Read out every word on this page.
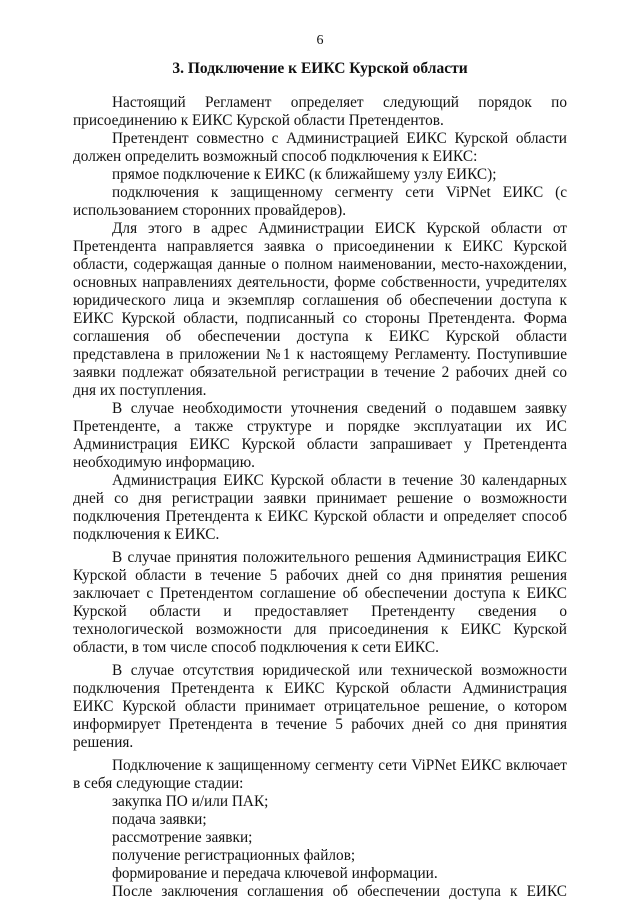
6
3. Подключение к ЕИКС Курской области

Настоящий Регламент определяет следующий порядок по присоединению к ЕИКС Курской области Претендентов.

Претендент совместно с Администрацией ЕИКС Курской области должен определить возможный способ подключения к ЕИКС:

прямое подключение к ЕИКС (к ближайшему узлу ЕИКС);

подключения к защищенному сегменту сети ViPNet ЕИКС (с использованием сторонних провайдеров).

Для этого в адрес Администрации ЕИСК Курской области от Претендента направляется заявка о присоединении к ЕИКС Курской области, содержащая данные о полном наименовании, место-нахождении, основных направлениях деятельности, форме собственности, учредителях юридического лица и экземпляр соглашения об обеспечении доступа к ЕИКС Курской области, подписанный со стороны Претендента. Форма соглашения об обеспечении доступа к ЕИКС Курской области представлена в приложении №1 к настоящему Регламенту. Поступившие заявки подлежат обязательной регистрации в течение 2 рабочих дней со дня их поступления.

В случае необходимости уточнения сведений о подавшем заявку Претенденте, а также структуре и порядке эксплуатации их ИС Администрация ЕИКС Курской области запрашивает у Претендента необходимую информацию.

Администрация ЕИКС Курской области в течение 30 календарных дней со дня регистрации заявки принимает решение о возможности подключения Претендента к ЕИКС Курской области и определяет способ подключения к ЕИКС.

В случае принятия положительного решения Администрация ЕИКС Курской области в течение 5 рабочих дней со дня принятия решения заключает с Претендентом соглашение об обеспечении доступа к ЕИКС Курской области и предоставляет Претенденту сведения о технологической возможности для присоединения к ЕИКС Курской области, в том числе способ подключения к сети ЕИКС.

В случае отсутствия юридической или технической возможности подключения Претендента к ЕИКС Курской области Администрация ЕИКС Курской области принимает отрицательное решение, о котором информирует Претендента в течение 5 рабочих дней со дня принятия решения.

Подключение к защищенному сегменту сети ViPNet ЕИКС включает в себя следующие стадии:

закупка ПО и/или ПАК;

подача заявки;

рассмотрение заявки;

получение регистрационных файлов;

формирование и передача ключевой информации.

После заключения соглашения об обеспечении доступа к ЕИКС
